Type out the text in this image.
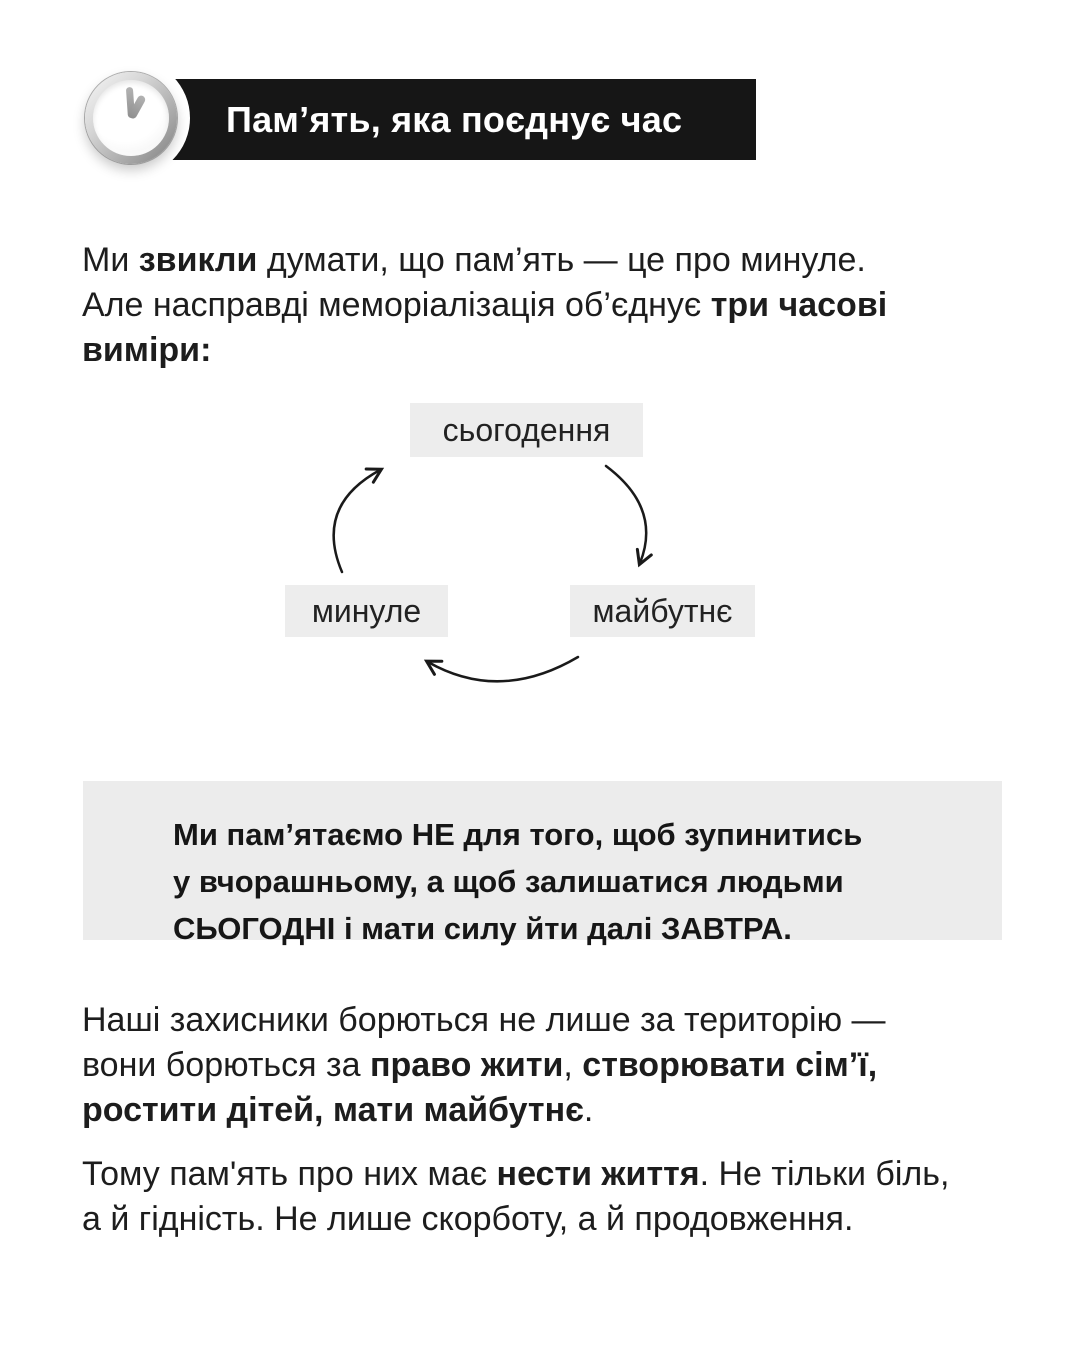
Пам’ять, яка поєднує час
Ми звикли думати, що пам’ять — це про минуле.
Але насправді меморіалізація об’єднує три часові
виміри:
сьогодення
минуле	майбутнє
Ми пам’ятаємо НЕ для того, щоб зупинитись
у вчорашньому, а щоб залишатися людьми
СЬОГОДНІ і мати силу йти далі ЗАВТРА.
Наші захисники борються не лише за територію —
вони борються за право жити, створювати сім’ї,
ростити дітей, мати майбутнє.
Тому пам'ять про них має нести життя. Не тільки біль,
а й гідність. Не лише скорботу, а й продовження.
